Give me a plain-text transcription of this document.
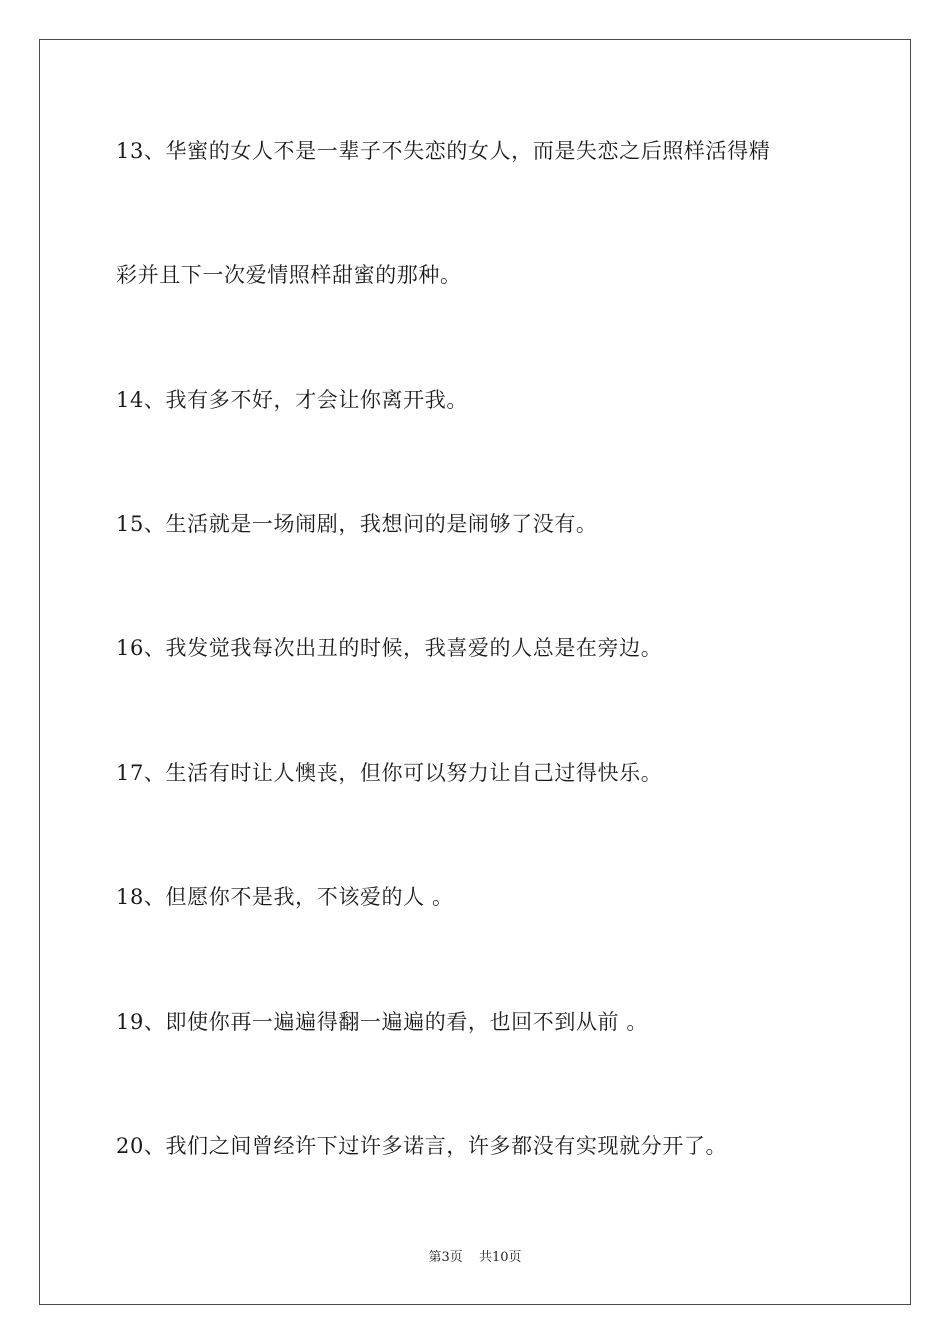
13、华蜜的女人不是一辈子不失恋的女人，而是失恋之后照样活得精
彩并且下一次爱情照样甜蜜的那种。
14、我有多不好，才会让你离开我。
15、生活就是一场闹剧，我想问的是闹够了没有。
16、我发觉我每次出丑的时候，我喜爱的人总是在旁边。
17、生活有时让人懊丧，但你可以努力让自己过得快乐。
18、但愿你不是我，不该爱的人 。
19、即使你再一遍遍得翻一遍遍的看，也回不到从前 。
20、我们之间曾经许下过许多诺言，许多都没有实现就分开了。
第3页 共10页
